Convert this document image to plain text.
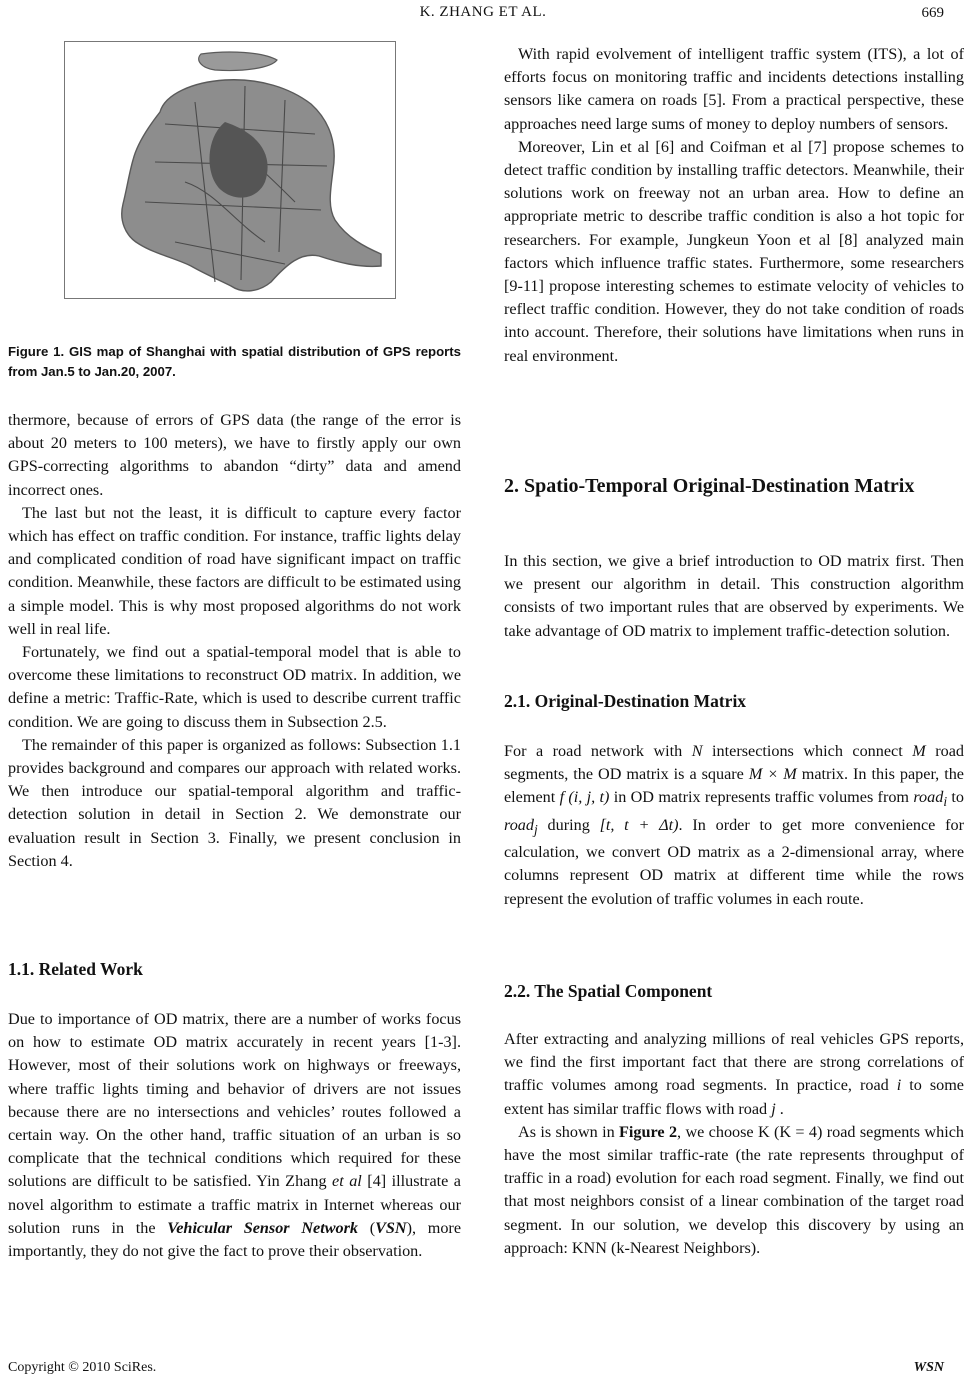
K. ZHANG ET AL.	669
Figure 1. GIS map of Shanghai with spatial distribution of GPS reports from Jan.5 to Jan.20, 2007.

thermore, because of errors of GPS data (the range of the error is about 20 meters to 100 meters), we have to firstly apply our own GPS-correcting algorithms to abandon “dirty” data and amend incorrect ones.

The last but not the least, it is difficult to capture every factor which has effect on traffic condition. For instance, traffic lights delay and complicated condition of road have significant impact on traffic condition. Meanwhile, these factors are difficult to be estimated using a simple model. This is why most proposed algorithms do not work well in real life.

Fortunately, we find out a spatial-temporal model that is able to overcome these limitations to reconstruct OD matrix. In addition, we define a metric: Traffic-Rate, which is used to describe current traffic condition. We are going to discuss them in Subsection 2.5.

The remainder of this paper is organized as follows: Subsection 1.1 provides background and compares our approach with related works. We then introduce our spatial-temporal algorithm and traffic-detection solution in detail in Section 2. We demonstrate our evaluation result in Section 3. Finally, we present conclusion in Section 4.

1.1. Related Work

Due to importance of OD matrix, there are a number of works focus on how to estimate OD matrix accurately in recent years [1-3]. However, most of their solutions work on highways or freeways, where traffic lights timing and behavior of drivers are not issues because there are no intersections and vehicles’ routes followed a certain way. On the other hand, traffic situation of an urban is so complicate that the technical conditions which required for these solutions are difficult to be satisfied. Yin Zhang et al [4] illustrate a novel algorithm to estimate a traffic matrix in Internet whereas our solution runs in the Vehicular Sensor Network (VSN), more importantly, they do not give the fact to prove their observation.

With rapid evolvement of intelligent traffic system (ITS), a lot of efforts focus on monitoring traffic and incidents detections installing sensors like camera on roads [5]. From a practical perspective, these approaches need large sums of money to deploy numbers of sensors.

Moreover, Lin et al [6] and Coifman et al [7] propose schemes to detect traffic condition by installing traffic detectors. Meanwhile, their solutions work on freeway not an urban area. How to define an appropriate metric to describe traffic condition is also a hot topic for researchers. For example, Jungkeun Yoon et al [8] analyzed main factors which influence traffic states. Furthermore, some researchers [9-11] propose interesting schemes to estimate velocity of vehicles to reflect traffic condition. However, they do not take condition of roads into account. Therefore, their solutions have limitations when runs in real environment.

2. Spatio-Temporal Original-Destination Matrix

In this section, we give a brief introduction to OD matrix first. Then we present our algorithm in detail. This construction algorithm consists of two important rules that are observed by experiments. We take advantage of OD matrix to implement traffic-detection solution.

2.1. Original-Destination Matrix

For a road network with N intersections which connect M road segments, the OD matrix is a square M × M matrix. In this paper, the element f (i, j, t) in OD matrix represents traffic volumes from road$_i$ to road$_j$ during [t, t + Δt). In order to get more convenience for calculation, we convert OD matrix as a 2-dimensional array, where columns represent OD matrix at different time while the rows represent the evolution of traffic volumes in each route.

2.2. The Spatial Component

After extracting and analyzing millions of real vehicles GPS reports, we find the first important fact that there are strong correlations of traffic volumes among road segments. In practice, road i to some extent has similar traffic flows with road j .

As is shown in Figure 2, we choose K (K = 4) road segments which have the most similar traffic-rate (the rate represents throughput of traffic in a road) evolution for each road segment. Finally, we find out that most neighbors consist of a linear combination of the target road segment. In our solution, we develop this discovery by using an approach: KNN (k-Nearest Neighbors).

Copyright © 2010 SciRes.	WSN
